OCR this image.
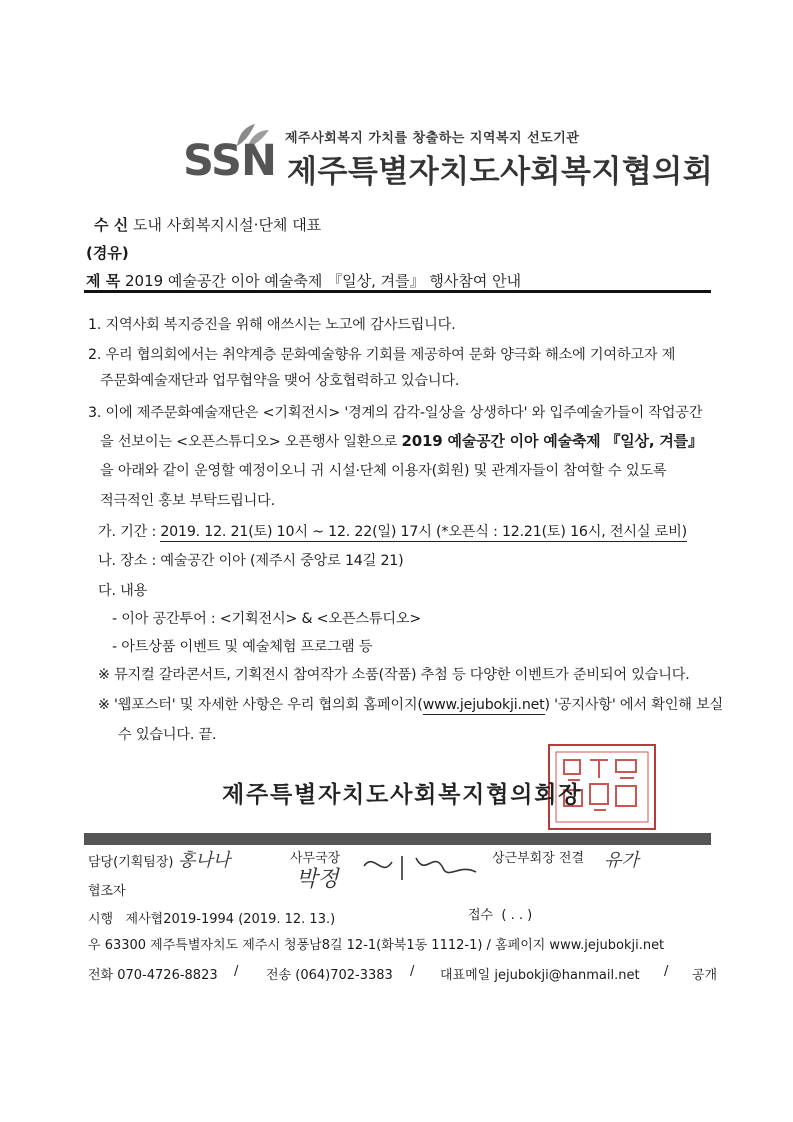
SSN 제주사회복지 가치를 창출하는 지역복지 선도기관
제주특별자치도사회복지협의회
수 신 도내 사회복지시설·단체 대표
(경유)
제 목 2019 예술공간 이아 예술축제 『일상, 겨를』 행사참여 안내
1. 지역사회 복지증진을 위해 애쓰시는 노고에 감사드립니다.
2. 우리 협의회에서는 취약계층 문화예술향유 기회를 제공하여 문화 양극화 해소에 기여하고자 제
주문화예술재단과 업무협약을 맺어 상호협력하고 있습니다.
3. 이에 제주문화예술재단은 <기획전시> '경계의 감각-일상을 상생하다' 와 입주예술가들이 작업공간
을 선보이는 <오픈스튜디오> 오픈행사 일환으로 2019 예술공간 이아 예술축제 『일상, 겨를』
을 아래와 같이 운영할 예정이오니 귀 시설·단체 이용자(회원) 및 관계자들이 참여할 수 있도록
적극적인 홍보 부탁드립니다.
가. 기간 : 2019. 12. 21(토) 10시 ~ 12. 22(일) 17시 (*오픈식 : 12.21(토) 16시, 전시실 로비)
나. 장소 : 예술공간 이아 (제주시 중앙로 14길 21)
다. 내용
- 이아 공간투어 : <기획전시> & <오픈스튜디오>
- 아트상품 이벤트 및 예술체험 프로그램 등
※ 뮤지컬 갈라콘서트, 기획전시 참여작가 소품(작품) 추첨 등 다양한 이벤트가 준비되어 있습니다.
※ '웹포스터' 및 자세한 사항은 우리 협의회 홈페이지(www.jejubokji.net) '공지사항' 에서 확인해 보실
수 있습니다. 끝.
제주특별자치도사회복지협의회장
담당(기획팀장) 홍나나	사무국장
박정
상근부회장 전결 유가
협조자
시행 제사협2019-1994 (2019. 12. 13.)	접수 ( . . )
우 63300 제주특별자치도 제주시 청풍남8길 12-1(화북1동 1112-1) / 홈페이지 www.jejubokji.net
전화 070-4726-8823 / 전송 (064)702-3383 / 대표메일 jejubokji@hanmail.net / 공개
